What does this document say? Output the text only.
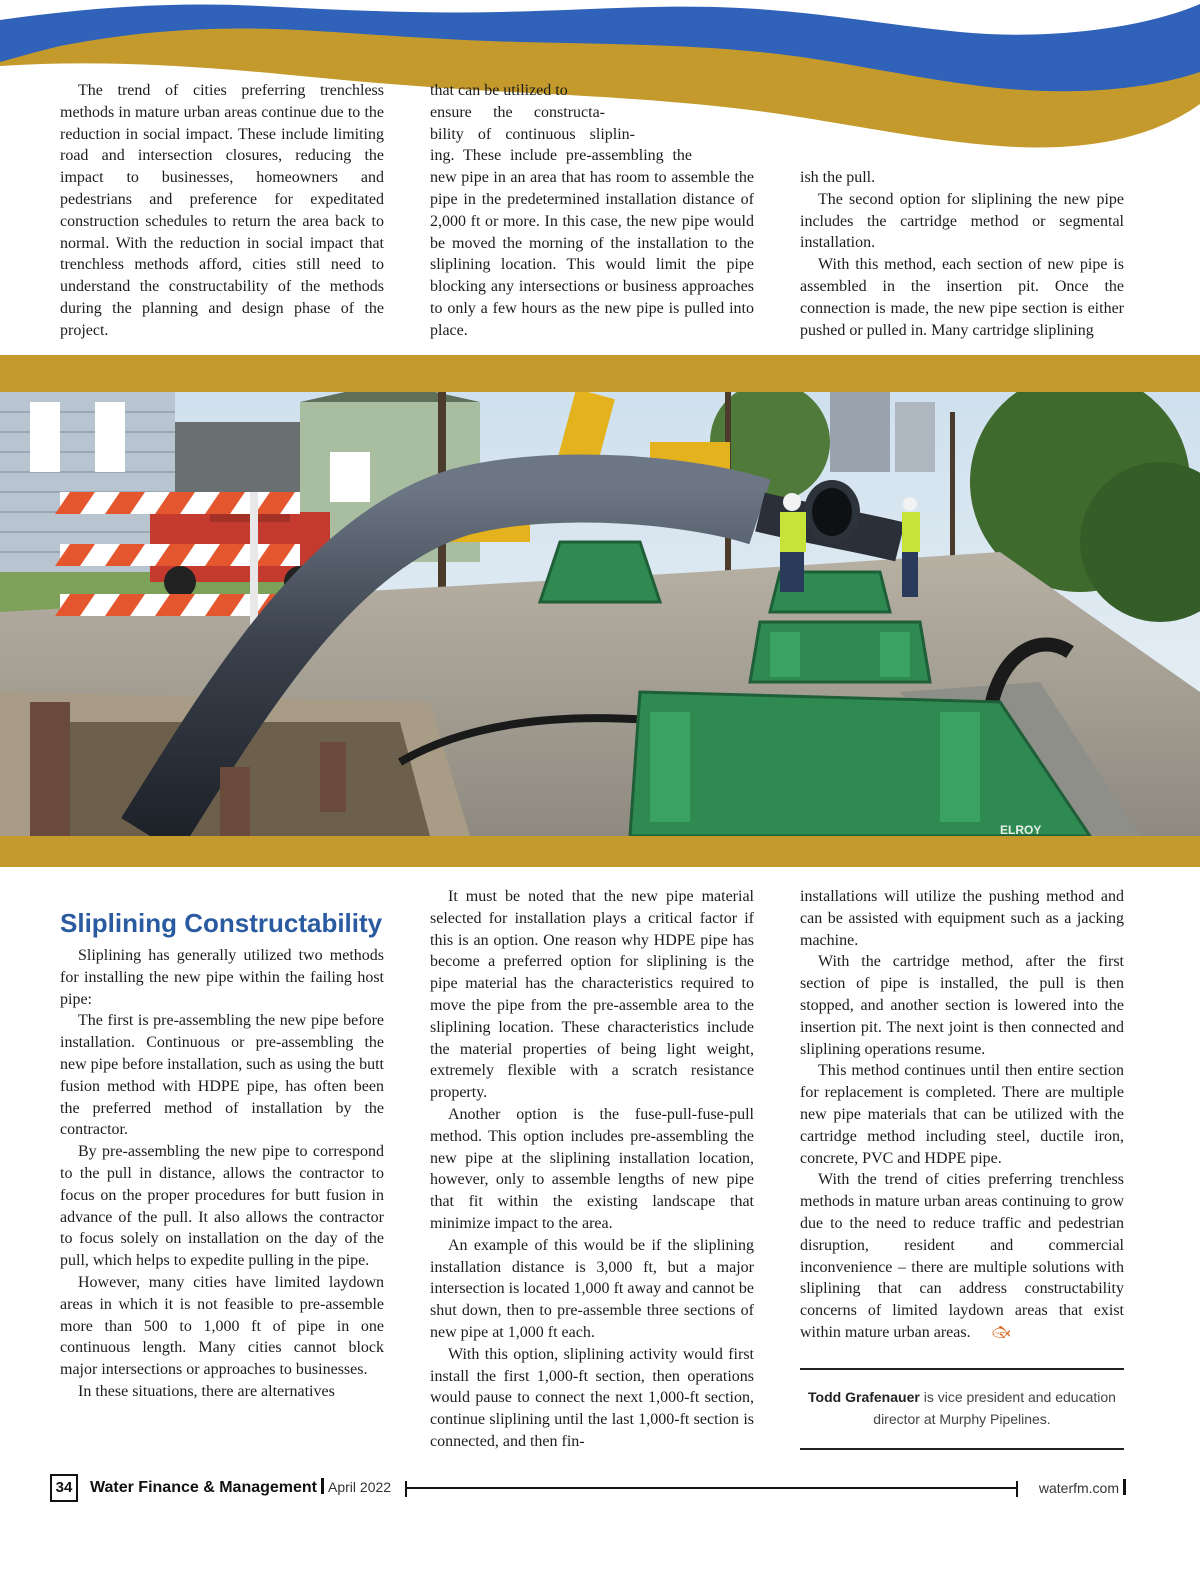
The trend of cities preferring trenchless methods in mature urban areas continue due to the reduction in social impact. These include limiting road and intersection closures, reducing the impact to businesses, homeowners and pedestrians and preference for expeditated construction schedules to return the area back to normal. With the reduction in social impact that trenchless methods afford, cities still need to understand the constructability of the methods during the planning and design phase of the project.

that can be utilized to
ensure the constructa-
bility of continuous sliplin-
ing. These include pre-assembling the
new pipe in an area that has room to assemble the pipe in the predetermined installation distance of 2,000 ft or more. In this case, the new pipe would be moved the morning of the installation to the sliplining location. This would limit the pipe blocking any intersections or business approaches to only a few hours as the new pipe is pulled into place.

ish the pull.

The second option for sliplining the new pipe includes the cartridge method or segmental installation.

With this method, each section of new pipe is assembled in the insertion pit. Once the connection is made, the new pipe section is either pushed or pulled in. Many cartridge sliplining

ELROY
Sliplining Constructability

Sliplining has generally utilized two methods for installing the new pipe within the failing host pipe:

The first is pre-assembling the new pipe before installation. Continuous or pre-assembling the new pipe before installation, such as using the butt fusion method with HDPE pipe, has often been the preferred method of installation by the contractor.

By pre-assembling the new pipe to correspond to the pull in distance, allows the contractor to focus on the proper procedures for butt fusion in advance of the pull. It also allows the contractor to focus solely on installation on the day of the pull, which helps to expedite pulling in the pipe.

However, many cities have limited laydown areas in which it is not feasible to pre-assemble more than 500 to 1,000 ft of pipe in one continuous length. Many cities cannot block major intersections or approaches to businesses.

In these situations, there are alternatives

It must be noted that the new pipe material selected for installation plays a critical factor if this is an option. One reason why HDPE pipe has become a preferred option for sliplining is the pipe material has the characteristics required to move the pipe from the pre-assemble area to the sliplining location. These characteristics include the material properties of being light weight, extremely flexible with a scratch resistance property.

Another option is the fuse-pull-fuse-pull method. This option includes pre-assembling the new pipe at the sliplining installation location, however, only to assemble lengths of new pipe that fit within the existing landscape that minimize impact to the area.

An example of this would be if the sliplining installation distance is 3,000 ft, but a major intersection is located 1,000 ft away and cannot be shut down, then to pre-assemble three sections of new pipe at 1,000 ft each.

With this option, sliplining activity would first install the first 1,000-ft section, then operations would pause to connect the next 1,000-ft section, continue sliplining until the last 1,000-ft section is connected, and then fin-

installations will utilize the pushing method and can be assisted with equipment such as a jacking machine.

With the cartridge method, after the first section of pipe is installed, the pull is then stopped, and another section is lowered into the insertion pit. The next joint is then connected and sliplining operations resume.

This method continues until then entire section for replacement is completed. There are multiple new pipe materials that can be utilized with the cartridge method including steel, ductile iron, concrete, PVC and HDPE pipe.

With the trend of cities preferring trenchless methods in mature urban areas continuing to grow due to the need to reduce traffic and pedestrian disruption, resident and commercial inconvenience – there are multiple solutions with sliplining that can address constructability concerns of limited laydown areas that exist within mature urban areas. 🐟︎

Todd Grafenauer is vice president and education director at Murphy Pipelines.
34	Water Finance & Management April 2022	waterfm.com
